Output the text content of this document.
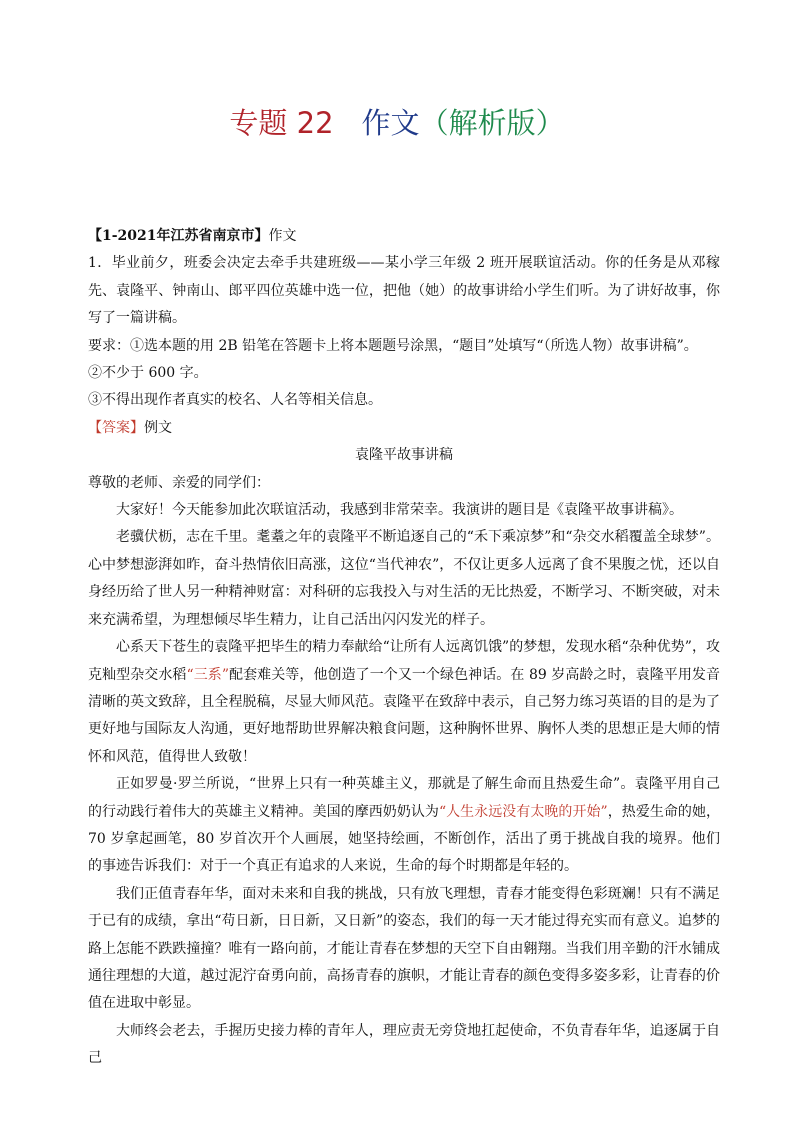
专题 22 作文（解析版）

【1-2021年江苏省南京市】作文

1．毕业前夕，班委会决定去牵手共建班级——某小学三年级 2 班开展联谊活动。你的任务是从邓稼先、袁隆平、钟南山、郎平四位英雄中选一位，把他（她）的故事讲给小学生们听。为了讲好故事，你写了一篇讲稿。

要求：①选本题的用 2B 铅笔在答题卡上将本题题号涂黑，“题目”处填写“（所选人物）故事讲稿”。

②不少于 600 字。

③不得出现作者真实的校名、人名等相关信息。

【答案】例文

袁隆平故事讲稿

尊敬的老师、亲爱的同学们：

大家好！今天能参加此次联谊活动，我感到非常荣幸。我演讲的题目是《袁隆平故事讲稿》。

老骥伏枥，志在千里。耄耋之年的袁隆平不断追逐自己的“禾下乘凉梦”和“杂交水稻覆盖全球梦”。心中梦想澎湃如昨，奋斗热情依旧高涨，这位“当代神农”，不仅让更多人远离了食不果腹之忧，还以自身经历给了世人另一种精神财富：对科研的忘我投入与对生活的无比热爱，不断学习、不断突破，对未来充满希望，为理想倾尽毕生精力，让自己活出闪闪发光的样子。

心系天下苍生的袁隆平把毕生的精力奉献给“让所有人远离饥饿”的梦想，发现水稻“杂种优势”，攻克籼型杂交水稻“三系”配套难关等，他创造了一个又一个绿色神话。在 89 岁高龄之时，袁隆平用发音清晰的英文致辞，且全程脱稿，尽显大师风范。袁隆平在致辞中表示，自己努力练习英语的目的是为了更好地与国际友人沟通，更好地帮助世界解决粮食问题，这种胸怀世界、胸怀人类的思想正是大师的情怀和风范，值得世人致敬！

正如罗曼·罗兰所说，“世界上只有一种英雄主义，那就是了解生命而且热爱生命”。袁隆平用自己的行动践行着伟大的英雄主义精神。美国的摩西奶奶认为“人生永远没有太晚的开始”，热爱生命的她，70 岁拿起画笔，80 岁首次开个人画展，她坚持绘画，不断创作，活出了勇于挑战自我的境界。他们的事迹告诉我们：对于一个真正有追求的人来说，生命的每个时期都是年轻的。

我们正值青春年华，面对未来和自我的挑战，只有放飞理想，青春才能变得色彩斑斓！只有不满足于已有的成绩，拿出“苟日新，日日新，又日新”的姿态，我们的每一天才能过得充实而有意义。追梦的路上怎能不跌跌撞撞？唯有一路向前，才能让青春在梦想的天空下自由翱翔。当我们用辛勤的汗水铺成通往理想的大道，越过泥泞奋勇向前，高扬青春的旗帜，才能让青春的颜色变得多姿多彩，让青春的价值在进取中彰显。

大师终会老去，手握历史接力棒的青年人，理应责无旁贷地扛起使命，不负青春年华，追逐属于自己
